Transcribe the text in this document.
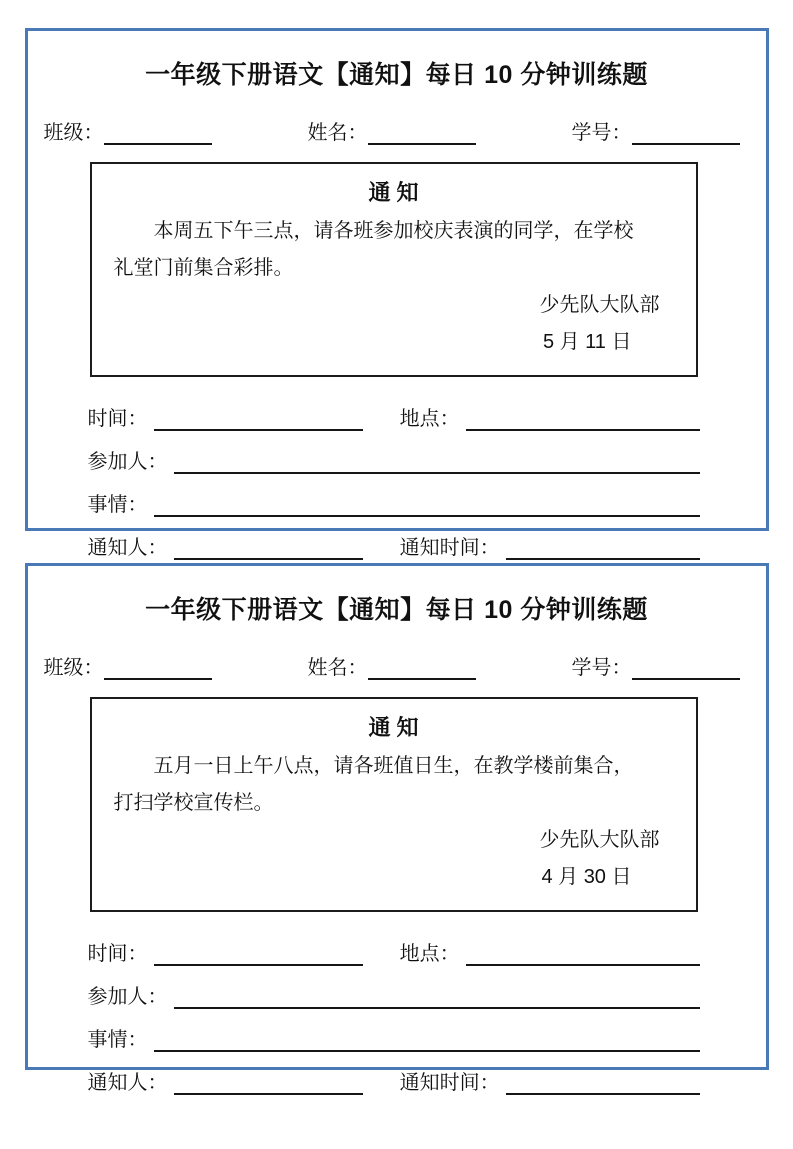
一年级下册语文【通知】每日 10 分钟训练题
班级：	姓名：	学号：
通 知
本周五下午三点，请各班参加校庆表演的同学，在学校
礼堂门前集合彩排。
少先队大队部
5 月 11 日
时间：	地点：
参加人：
事情：
通知人：	通知时间：
一年级下册语文【通知】每日 10 分钟训练题
班级：	姓名：	学号：
通 知
五月一日上午八点，请各班值日生，在教学楼前集合，
打扫学校宣传栏。
少先队大队部
4 月 30 日
时间：	地点：
参加人：
事情：
通知人：	通知时间：
